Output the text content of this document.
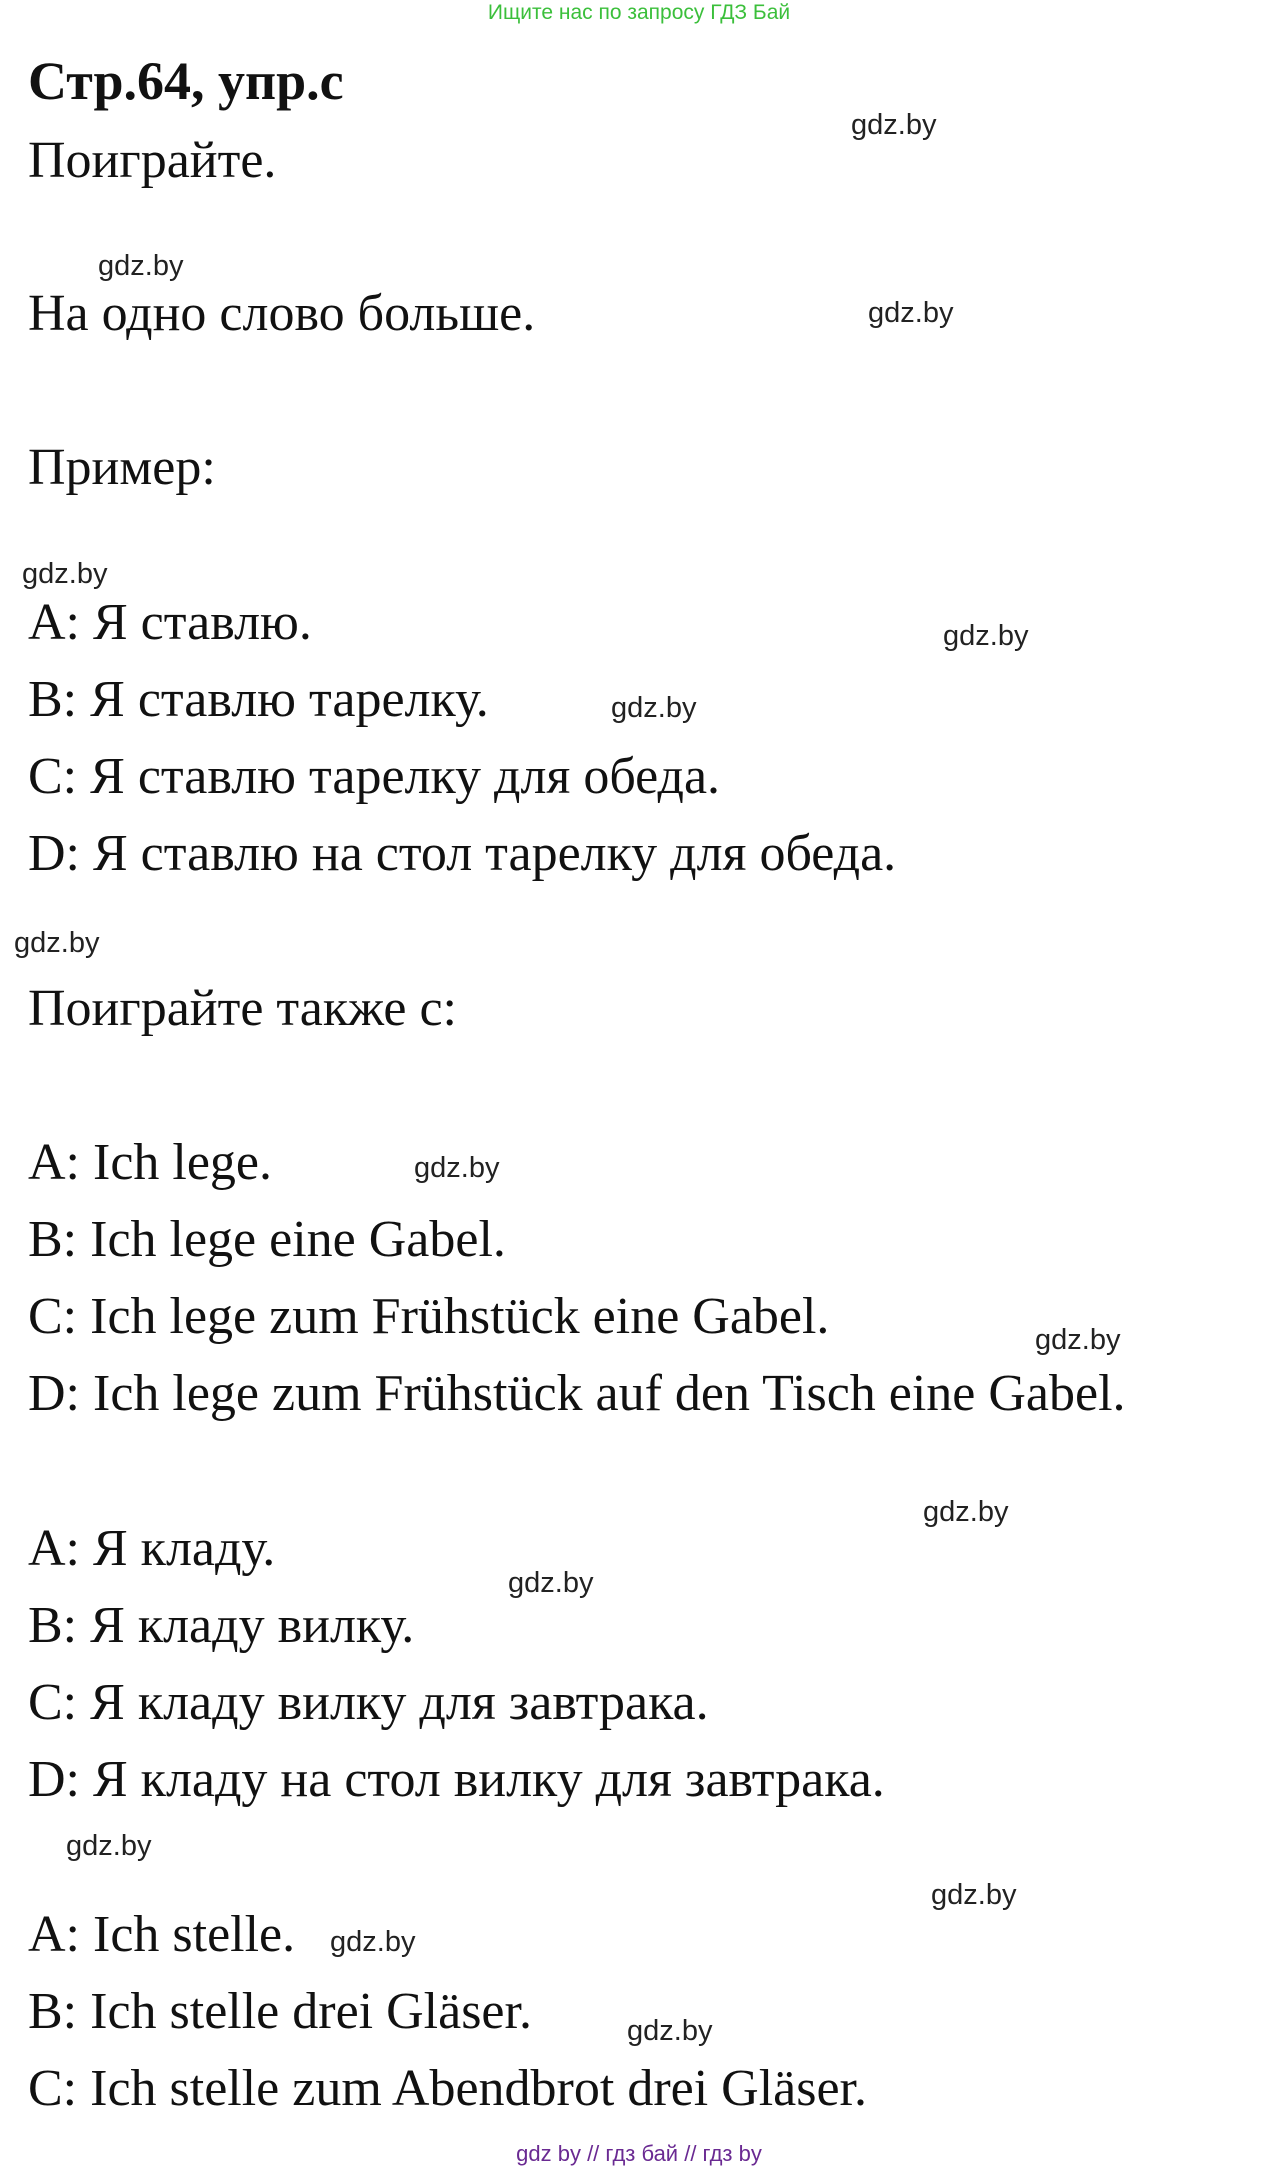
Ищите нас по запросу ГДЗ Бай
Стр.64, упр.с
Поиграйте.
На одно слово больше.
Пример:
A: Я ставлю.
B: Я ставлю тарелку.
C: Я ставлю тарелку для обеда.
D: Я ставлю на стол тарелку для обеда.
Поиграйте также с:
A: Ich lege.
B: Ich lege eine Gabel.
C: Ich lege zum Frühstück eine Gabel.
D: Ich lege zum Frühstück auf den Tisch eine Gabel.
A: Я кладу.
B: Я кладу вилку.
C: Я кладу вилку для завтрака.
D: Я кладу на стол вилку для завтрака.
A: Ich stelle.
B: Ich stelle drei Gläser.
C: Ich stelle zum Abendbrot drei Gläser.
gdz.by
gdz.by
gdz.by
gdz.by
gdz.by
gdz.by
gdz.by
gdz.by
gdz.by
gdz.by
gdz.by
gdz.by
gdz.by
gdz.by
gdz.by
gdz by // гдз бай // гдз by
